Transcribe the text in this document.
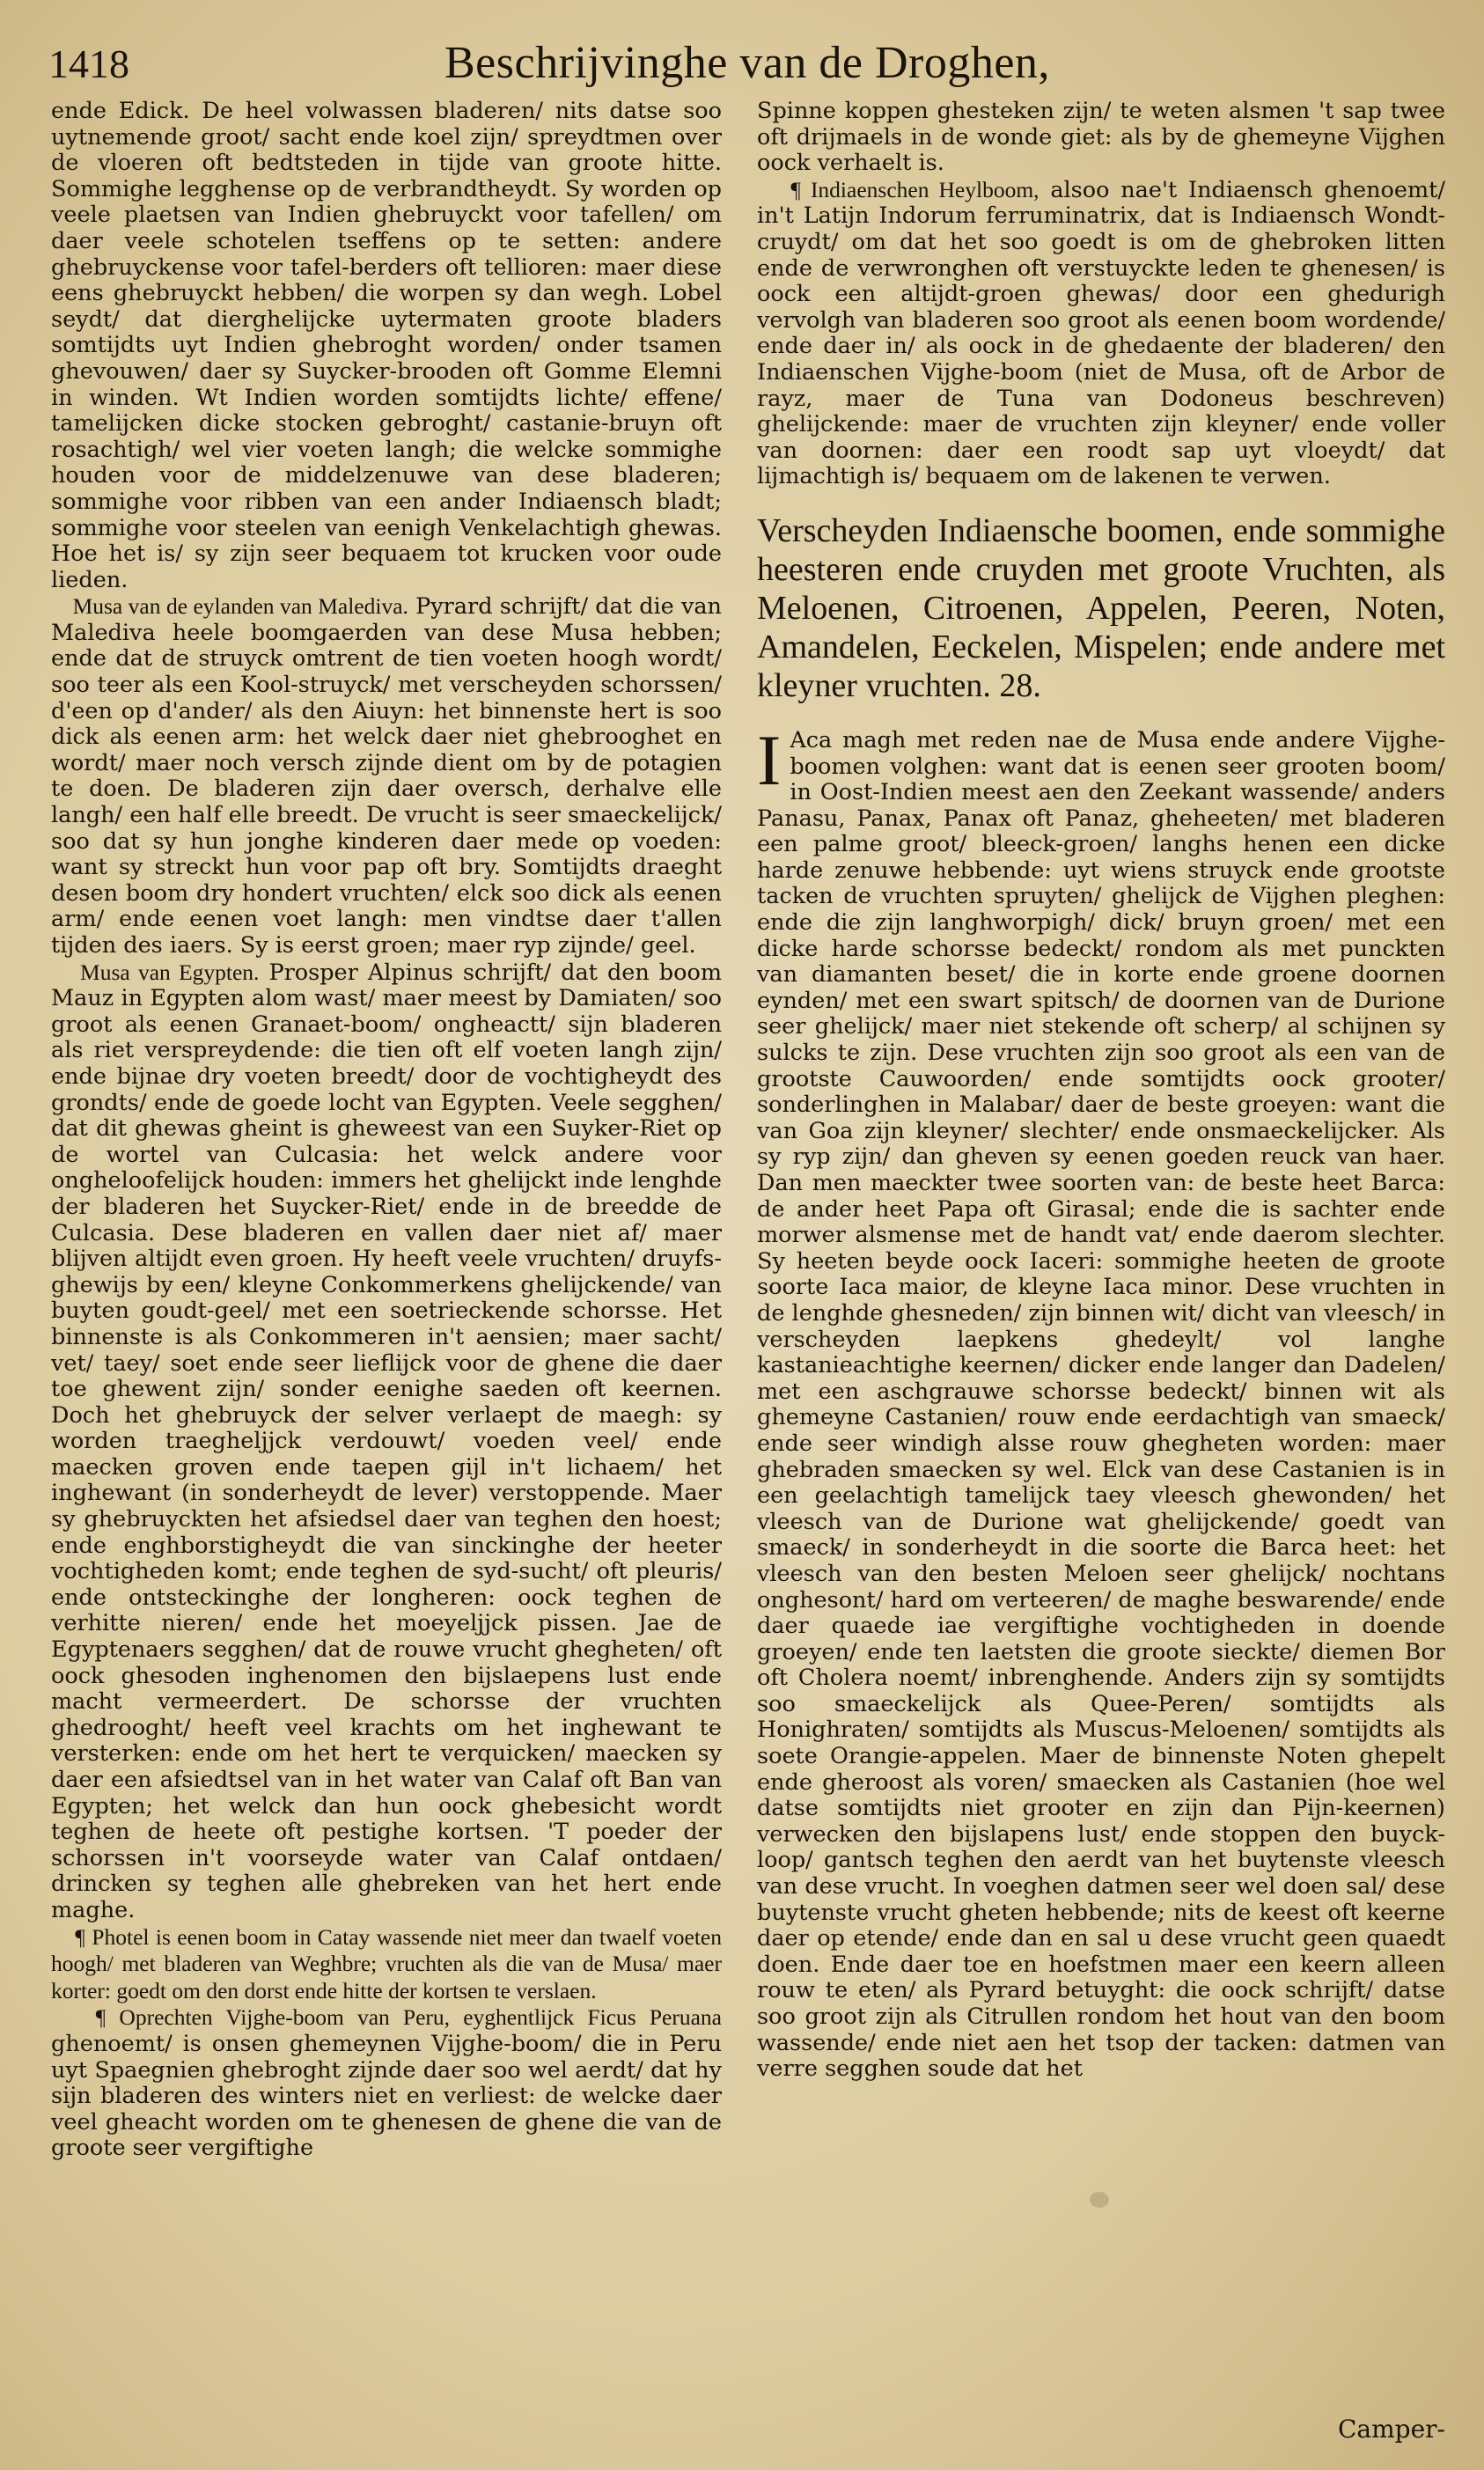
1418	Beschrijvinghe van de Droghen,

ende Edick. De heel volwassen bladeren/ nits datse soo uytnemende groot/ sacht ende koel zijn/ spreydtmen over de vloeren oft bedtsteden in tijde van groote hitte. Sommighe legghense op de verbrandtheydt. Sy worden op veele plaetsen van Indien ghebruyckt voor tafellen/ om daer veele schotelen tseffens op te setten: andere ghebruyckense voor tafel-berders oft tellioren: maer diese eens ghebruyckt hebben/ die worpen sy dan wegh. Lobel seydt/ dat dierghelijcke uytermaten groote bladers somtijdts uyt Indien ghebroght worden/ onder tsamen ghevouwen/ daer sy Suycker-brooden oft Gomme Elemni in winden. Wt Indien worden somtijdts lichte/ effene/ tamelijcken dicke stocken gebroght/ castanie-bruyn oft rosachtigh/ wel vier voeten langh; die welcke sommighe houden voor de middelzenuwe van dese bladeren; sommighe voor ribben van een ander Indiaensch bladt; sommighe voor steelen van eenigh Venkelachtigh ghewas. Hoe het is/ sy zijn seer bequaem tot krucken voor oude lieden.

Musa van de eylanden van Malediva. Pyrard schrijft/ dat die van Malediva heele boomgaerden van dese Musa hebben; ende dat de struyck omtrent de tien voeten hoogh wordt/ soo teer als een Kool-struyck/ met verscheyden schorssen/ d'een op d'ander/ als den Aiuyn: het binnenste hert is soo dick als eenen arm: het welck daer niet ghebrooghet en wordt/ maer noch versch zijnde dient om by de potagien te doen. De bladeren zijn daer oversch, derhalve elle langh/ een half elle breedt. De vrucht is seer smaeckelijck/ soo dat sy hun jonghe kinderen daer mede op voeden: want sy streckt hun voor pap oft bry. Somtijdts draeght desen boom dry hondert vruchten/ elck soo dick als eenen arm/ ende eenen voet langh: men vindtse daer t'allen tijden des iaers. Sy is eerst groen; maer ryp zijnde/ geel.

Musa van Egypten. Prosper Alpinus schrijft/ dat den boom Mauz in Egypten alom wast/ maer meest by Damiaten/ soo groot als eenen Granaet-boom/ ongheactt/ sijn bladeren als riet verspreydende: die tien oft elf voeten langh zijn/ ende bijnae dry voeten breedt/ door de vochtigheydt des grondts/ ende de goede locht van Egypten. Veele segghen/ dat dit ghewas gheint is gheweest van een Suyker-Riet op de wortel van Culcasia: het welck andere voor ongheloofelijck houden: immers het ghelijckt inde lenghde der bladeren het Suycker-Riet/ ende in de breedde de Culcasia. Dese bladeren en vallen daer niet af/ maer blijven altijdt even groen. Hy heeft veele vruchten/ druyfs-ghewijs by een/ kleyne Conkommerkens ghelijckende/ van buyten goudt-geel/ met een soetrieckende schorsse. Het binnenste is als Conkommeren in't aensien; maer sacht/ vet/ taey/ soet ende seer lieflijck voor de ghene die daer toe ghewent zijn/ sonder eenighe saeden oft keernen. Doch het ghebruyck der selver verlaept de maegh: sy worden traegheljjck verdouwt/ voeden veel/ ende maecken groven ende taepen gijl in't lichaem/ het inghewant (in sonderheydt de lever) verstoppende. Maer sy ghebruyckten het afsiedsel daer van teghen den hoest; ende enghborstigheydt die van sinckinghe der heeter vochtigheden komt; ende teghen de syd-sucht/ oft pleuris/ ende ontsteckinghe der longheren: oock teghen de verhitte nieren/ ende het moeyeljjck pissen. Jae de Egyptenaers segghen/ dat de rouwe vrucht ghegheten/ oft oock ghesoden inghenomen den bijslaepens lust ende macht vermeerdert. De schorsse der vruchten ghedrooght/ heeft veel krachts om het inghewant te versterken: ende om het hert te verquicken/ maecken sy daer een afsiedtsel van in het water van Calaf oft Ban van Egypten; het welck dan hun oock ghebesicht wordt teghen de heete oft pestighe kortsen. 'T poeder der schorssen in't voorseyde water van Calaf ontdaen/ drincken sy teghen alle ghebreken van het hert ende maghe.

¶ Photel is eenen boom in Catay wassende niet meer dan twaelf voeten hoogh/ met bladeren van Weghbre; vruchten als die van de Musa/ maer korter: goedt om den dorst ende hitte der kortsen te verslaen.

¶ Oprechten Vijghe-boom van Peru, eyghentlijck Ficus Peruana ghenoemt/ is onsen ghemeynen Vijghe-boom/ die in Peru uyt Spaegnien ghebroght zijnde daer soo wel aerdt/ dat hy sijn bladeren des winters niet en verliest: de welcke daer veel gheacht worden om te ghenesen de ghene die van de groote seer vergiftighe

Spinne koppen ghesteken zijn/ te weten alsmen 't sap twee oft drijmaels in de wonde giet: als by de ghemeyne Vijghen oock verhaelt is.

¶ Indiaenschen Heylboom, alsoo nae't Indiaensch ghenoemt/ in't Latijn Indorum ferruminatrix, dat is Indiaensch Wondt-cruydt/ om dat het soo goedt is om de ghebroken litten ende de verwronghen oft verstuyckte leden te ghenesen/ is oock een altijdt-groen ghewas/ door een ghedurigh vervolgh van bladeren soo groot als eenen boom wordende/ ende daer in/ als oock in de ghedaente der bladeren/ den Indiaenschen Vijghe-boom (niet de Musa, oft de Arbor de rayz, maer de Tuna van Dodoneus beschreven) ghelijckende: maer de vruchten zijn kleyner/ ende voller van doornen: daer een roodt sap uyt vloeydt/ dat lijmachtigh is/ bequaem om de lakenen te verwen.

Verscheyden Indiaensche boomen, ende sommighe heesteren ende cruyden met groote Vruchten, als Meloenen, Citroenen, Appelen, Peeren, Noten, Amandelen, Eeckelen, Mispelen; ende andere met kleyner vruchten. 28.

I Aca magh met reden nae de Musa ende andere Vijghe-boomen volghen: want dat is eenen seer grooten boom/ in Oost-Indien meest aen den Zeekant wassende/ anders Panasu, Panax, Panax oft Panaz, gheheeten/ met bladeren een palme groot/ bleeck-groen/ langhs henen een dicke harde zenuwe hebbende: uyt wiens struyck ende grootste tacken de vruchten spruyten/ ghelijck de Vijghen pleghen: ende die zijn langhworpigh/ dick/ bruyn groen/ met een dicke harde schorsse bedeckt/ rondom als met punckten van diamanten beset/ die in korte ende groene doornen eynden/ met een swart spitsch/ de doornen van de Durione seer ghelijck/ maer niet stekende oft scherp/ al schijnen sy sulcks te zijn. Dese vruchten zijn soo groot als een van de grootste Cauwoorden/ ende somtijdts oock grooter/ sonderlinghen in Malabar/ daer de beste groeyen: want die van Goa zijn kleyner/ slechter/ ende onsmaeckelijcker. Als sy ryp zijn/ dan gheven sy eenen goeden reuck van haer. Dan men maeckter twee soorten van: de beste heet Barca: de ander heet Papa oft Girasal; ende die is sachter ende morwer alsmense met de handt vat/ ende daerom slechter. Sy heeten beyde oock Iaceri: sommighe heeten de groote soorte Iaca maior, de kleyne Iaca minor. Dese vruchten in de lenghde ghesneden/ zijn binnen wit/ dicht van vleesch/ in verscheyden laepkens ghedeylt/ vol langhe kastanieachtighe keernen/ dicker ende langer dan Dadelen/ met een aschgrauwe schorsse bedeckt/ binnen wit als ghemeyne Castanien/ rouw ende eerdachtigh van smaeck/ ende seer windigh alsse rouw ghegheten worden: maer ghebraden smaecken sy wel. Elck van dese Castanien is in een geelachtigh tamelijck taey vleesch ghewonden/ het vleesch van de Durione wat ghelijckende/ goedt van smaeck/ in sonderheydt in die soorte die Barca heet: het vleesch van den besten Meloen seer ghelijck/ nochtans onghesont/ hard om verteeren/ de maghe beswarende/ ende daer quaede iae vergiftighe vochtigheden in doende groeyen/ ende ten laetsten die groote sieckte/ diemen Bor oft Cholera noemt/ inbrenghende. Anders zijn sy somtijdts soo smaeckelijck als Quee-Peren/ somtijdts als Honighraten/ somtijdts als Muscus-Meloenen/ somtijdts als soete Orangie-appelen. Maer de binnenste Noten ghepelt ende gheroost als voren/ smaecken als Castanien (hoe wel datse somtijdts niet grooter en zijn dan Pijn-keernen) verwecken den bijslapens lust/ ende stoppen den buyck-loop/ gantsch teghen den aerdt van het buytenste vleesch van dese vrucht. In voeghen datmen seer wel doen sal/ dese buytenste vrucht gheten hebbende; nits de keest oft keerne daer op etende/ ende dan en sal u dese vrucht geen quaedt doen. Ende daer toe en hoefstmen maer een keern alleen rouw te eten/ als Pyrard betuyght: die oock schrijft/ datse soo groot zijn als Citrullen rondom het hout van den boom wassende/ ende niet aen het tsop der tacken: datmen van verre segghen soude dat het

Camper-
